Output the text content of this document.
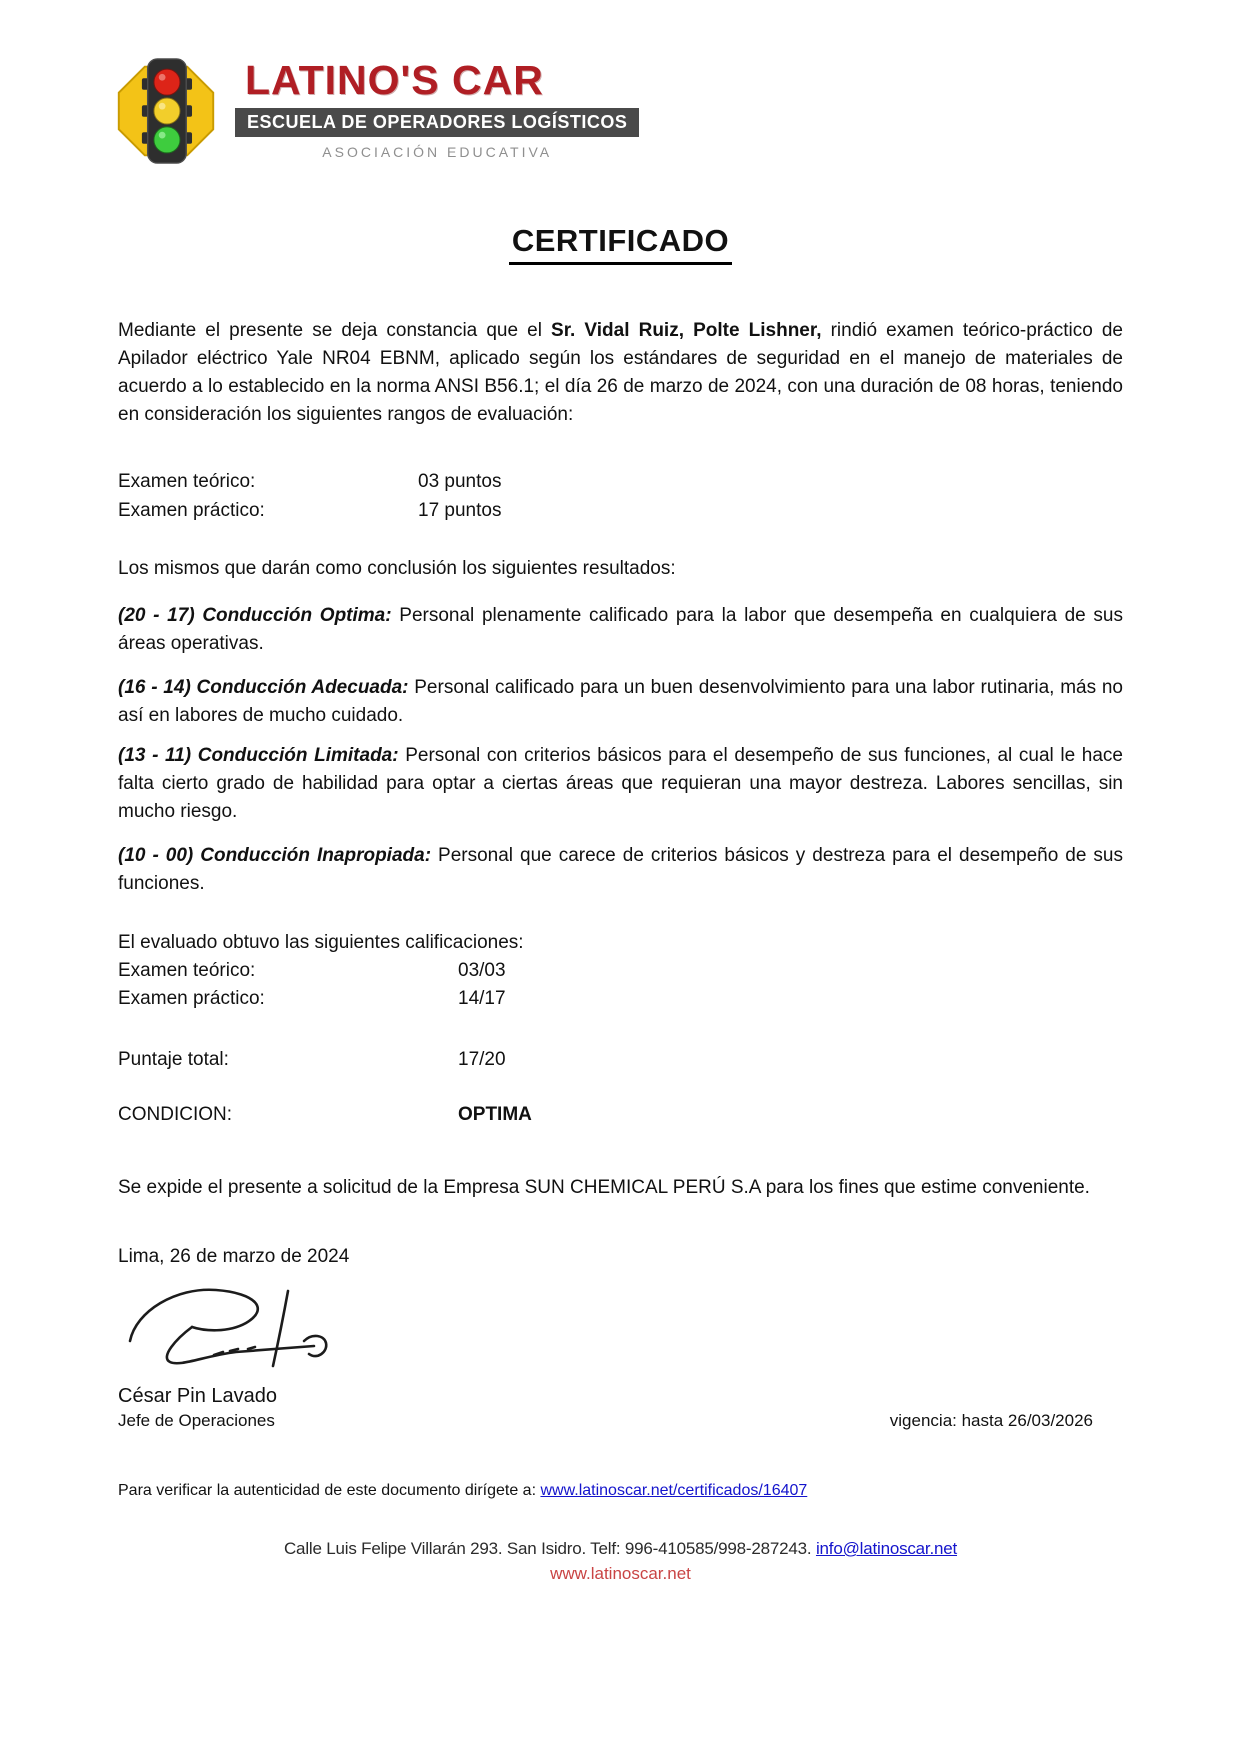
LATINO'S CAR
ESCUELA DE OPERADORES LOGÍSTICOS
ASOCIACIÓN EDUCATIVA
CERTIFICADO

Mediante el presente se deja constancia que el Sr. Vidal Ruiz, Polte Lishner, rindió examen teórico-práctico de Apilador eléctrico Yale NR04 EBNM, aplicado según los estándares de seguridad en el manejo de materiales de acuerdo a lo establecido en la norma ANSI B56.1; el día 26 de marzo de 2024, con una duración de 08 horas, teniendo en consideración los siguientes rangos de evaluación:

Examen teórico:	03 puntos
Examen práctico:	17 puntos

Los mismos que darán como conclusión los siguientes resultados:

(20 - 17) Conducción Optima: Personal plenamente calificado para la labor que desempeña en cualquiera de sus áreas operativas.

(16 - 14) Conducción Adecuada: Personal calificado para un buen desenvolvimiento para una labor rutinaria, más no así en labores de mucho cuidado.

(13 - 11) Conducción Limitada: Personal con criterios básicos para el desempeño de sus funciones, al cual le hace falta cierto grado de habilidad para optar a ciertas áreas que requieran una mayor destreza. Labores sencillas, sin mucho riesgo.

(10 - 00) Conducción Inapropiada: Personal que carece de criterios básicos y destreza para el desempeño de sus funciones.

El evaluado obtuvo las siguientes calificaciones:
Examen teórico:	03/03
Examen práctico:	14/17
Puntaje total:	17/20
CONDICION:	OPTIMA

Se expide el presente a solicitud de la Empresa SUN CHEMICAL PERÚ S.A para los fines que estime conveniente.

Lima, 26 de marzo de 2024

César Pin Lavado
Jefe de Operaciones	vigencia: hasta 26/03/2026
Para verificar la autenticidad de este documento dirígete a: www.latinoscar.net/certificados/16407
Calle Luis Felipe Villarán 293. San Isidro. Telf: 996-410585/998-287243. info@latinoscar.net
www.latinoscar.net
